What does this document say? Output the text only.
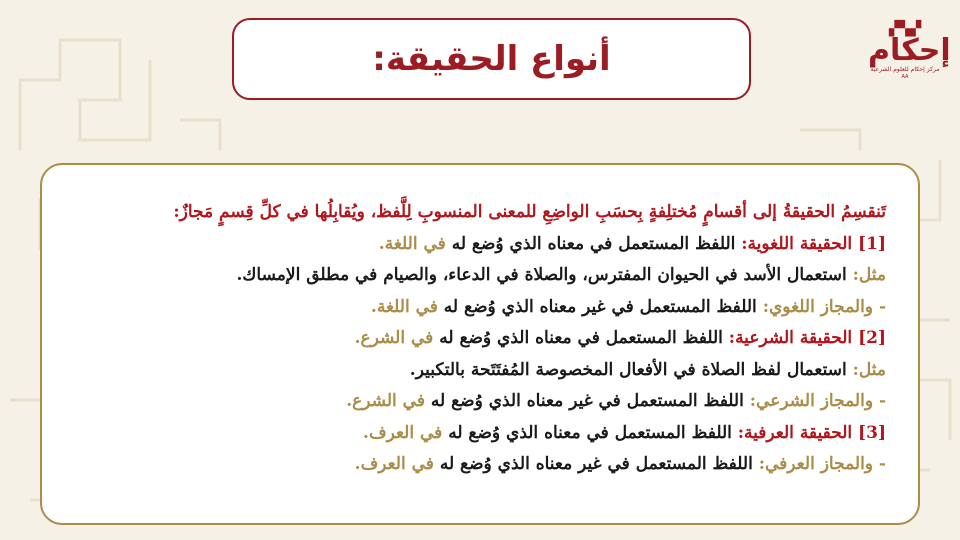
▞▚▞
إحكام
مركز إحكام للعلوم الشرعية
AA
أنواع الحقيقة:
تَنقسِمُ الحقيقةُ إلى أقسامٍ مُختلِفةٍ بِحسَبِ الواضِعِ للمعنى المنسوبِ لِلَّفظ، ويُقابِلُها في كلِّ قِسمٍ مَجازٌ:
[1] الحقيقة اللغوية: اللفظ المستعمل في معناه الذي وُضع له في اللغة.
مثل: استعمال الأسد في الحيوان المفترس، والصلاة في الدعاء، والصيام في مطلق الإمساك.
- والمجاز اللغوي: اللفظ المستعمل في غير معناه الذي وُضع له في اللغة.
[2] الحقيقة الشرعية: اللفظ المستعمل في معناه الذي وُضع له في الشرع.
مثل: استعمال لفظ الصلاة في الأفعال المخصوصة المُفتَتَحة بالتكبير.
- والمجاز الشرعي: اللفظ المستعمل في غير معناه الذي وُضع له في الشرع.
[3] الحقيقة العرفية: اللفظ المستعمل في معناه الذي وُضع له في العرف.
- والمجاز العرفي: اللفظ المستعمل في غير معناه الذي وُضع له في العرف.
